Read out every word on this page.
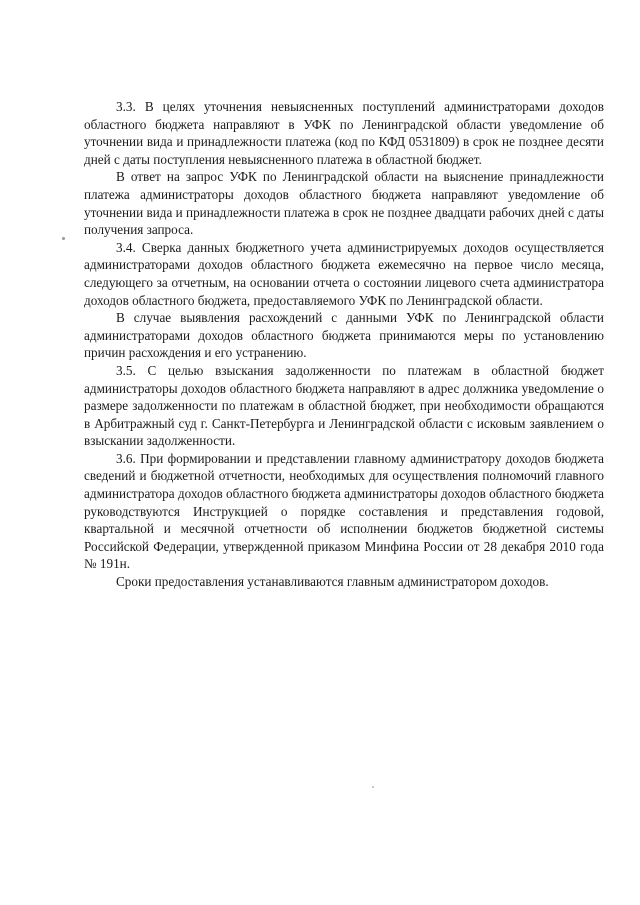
3.3. В целях уточнения невыясненных поступлений администраторами доходов областного бюджета направляют в УФК по Ленинградской области уведомление об уточнении вида и принадлежности платежа (код по КФД 0531809) в срок не позднее десяти дней с даты поступления невыясненного платежа в областной бюджет.

В ответ на запрос УФК по Ленинградской области на выяснение принадлежности платежа администраторы доходов областного бюджета направляют уведомление об уточнении вида и принадлежности платежа в срок не позднее двадцати рабочих дней с даты получения запроса.

3.4. Сверка данных бюджетного учета администрируемых доходов осуществляется администраторами доходов областного бюджета ежемесячно на первое число месяца, следующего за отчетным, на основании отчета о состоянии лицевого счета администратора доходов областного бюджета, предоставляемого УФК по Ленинградской области.

В случае выявления расхождений с данными УФК по Ленинградской области администраторами доходов областного бюджета принимаются меры по установлению причин расхождения и его устранению.

3.5. С целью взыскания задолженности по платежам в областной бюджет администраторы доходов областного бюджета направляют в адрес должника уведомление о размере задолженности по платежам в областной бюджет, при необходимости обращаются в Арбитражный суд г. Санкт-Петербурга и Ленинградской области с исковым заявлением о взыскании задолженности.

3.6. При формировании и представлении главному администратору доходов бюджета сведений и бюджетной отчетности, необходимых для осуществления полномочий главного администратора доходов областного бюджета администраторы доходов областного бюджета руководствуются Инструкцией о порядке составления и представления годовой, квартальной и месячной отчетности об исполнении бюджетов бюджетной системы Российской Федерации, утвержденной приказом Минфина России от 28 декабря 2010 года № 191н.

Сроки предоставления устанавливаются главным администратором доходов.
